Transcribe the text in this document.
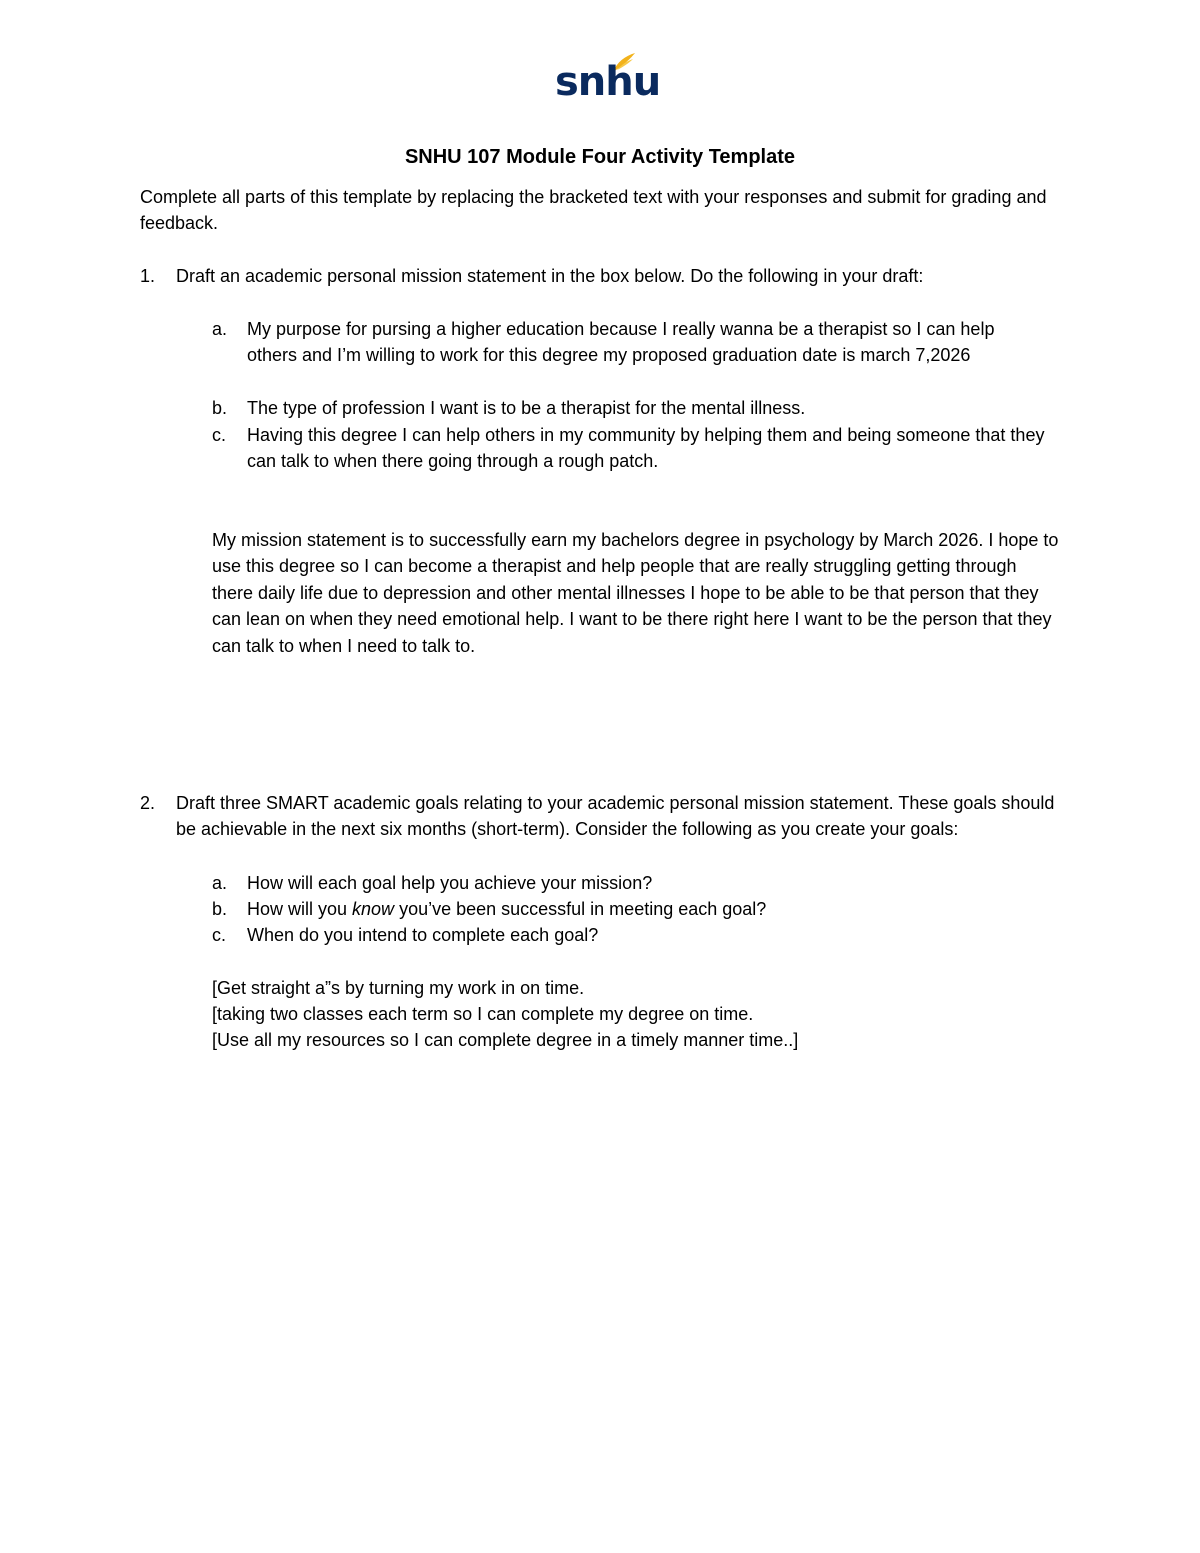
snhu
SNHU 107 Module Four Activity Template
Complete all parts of this template by replacing the bracketed text with your responses and submit for grading and feedback.
1. Draft an academic personal mission statement in the box below. Do the following in your draft:
a. My purpose for pursing a higher education because I really wanna be a therapist so I can help others and I’m willing to work for this degree my proposed graduation date is march 7,2026
b. The type of profession I want is to be a therapist for the mental illness.
c. Having this degree I can help others in my community by helping them and being someone that they can talk to when there going through a rough patch.
My mission statement is to successfully earn my bachelors degree in psychology by March 2026. I hope to use this degree so I can become a therapist and help people that are really struggling getting through there daily life due to depression and other mental illnesses I hope to be able to be that person that they can lean on when they need emotional help. I want to be there right here I want to be the person that they can talk to when I need to talk to.
2. Draft three SMART academic goals relating to your academic personal mission statement. These goals should be achievable in the next six months (short-term). Consider the following as you create your goals:
a. How will each goal help you achieve your mission?
b. How will you know you’ve been successful in meeting each goal?
c. When do you intend to complete each goal?
[Get straight a”s by turning my work in on time.
[taking two classes each term so I can complete my degree on time.
[Use all my resources so I can complete degree in a timely manner time..]
